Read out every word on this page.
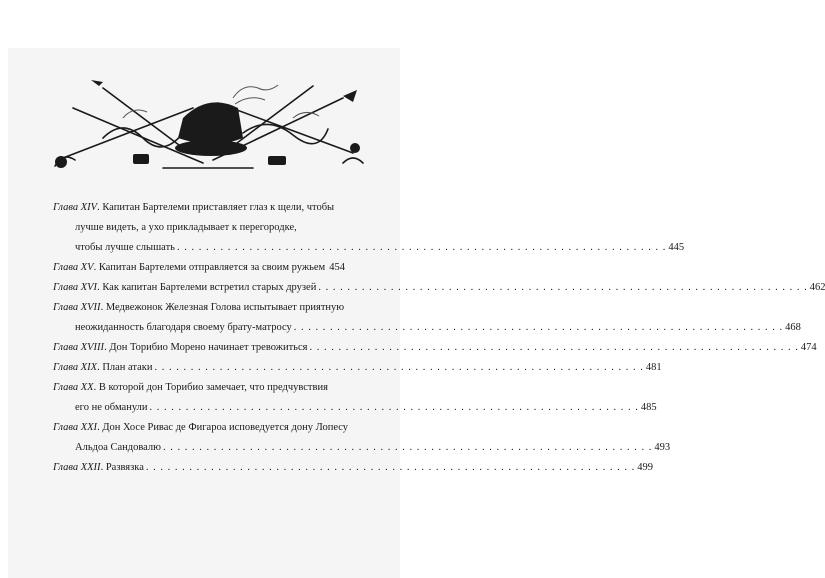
Глава XIV. Капитан Бартелеми приставляет глаз к щели, чтобы
лучше видеть, а ухо прикладывает к перегородке,
чтобы лучше слышать . . .	445
Глава XV. Капитан Бартелеми отправляется за своим ружьем 454
Глава XVI. Как капитан Бартелеми встретил старых друзей . . .	462
Глава XVII. Медвежонок Железная Голова испытывает приятную
неожиданность благодаря своему брату-матросу . . .	468
Глава XVIII. Дон Торибио Морено начинает тревожиться . . .	474
Глава XIX. План атаки . . .	481
Глава XX. В которой дон Торибио замечает, что предчувствия
его не обманули . . .	485
Глава XXI. Дон Хосе Ривас де Фигароа исповедуется дону Лопесу
Альдоа Сандовалю . . .	493
Глава XXII. Развязка . . .	499
